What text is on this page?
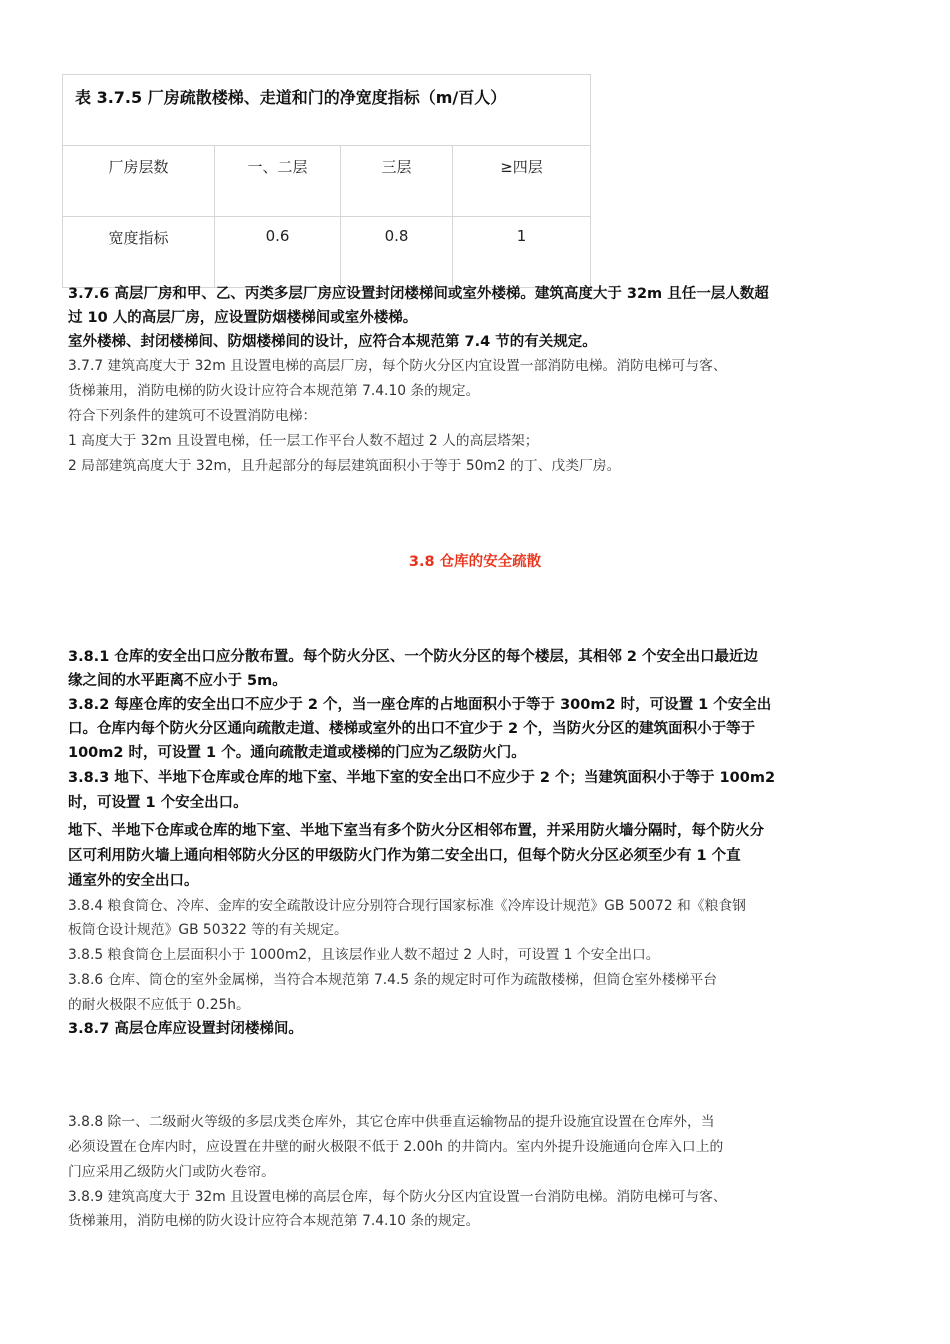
表 3.7.5 厂房疏散楼梯、走道和门的净宽度指标（m/百人）			
厂房层数	一、二层	三层	≥四层
宽度指标	0.6	0.8	1

3.7.6 高层厂房和甲、乙、丙类多层厂房应设置封闭楼梯间或室外楼梯。建筑高度大于 32m 且任一层人数超

过 10 人的高层厂房，应设置防烟楼梯间或室外楼梯。

室外楼梯、封闭楼梯间、防烟楼梯间的设计，应符合本规范第 7.4 节的有关规定。

3.7.7 建筑高度大于 32m 且设置电梯的高层厂房，每个防火分区内宜设置一部消防电梯。消防电梯可与客、

货梯兼用，消防电梯的防火设计应符合本规范第 7.4.10 条的规定。

符合下列条件的建筑可不设置消防电梯：

1 高度大于 32m 且设置电梯，任一层工作平台人数不超过 2 人的高层塔架；

2 局部建筑高度大于 32m，且升起部分的每层建筑面积小于等于 50m2 的丁、戊类厂房。

3.8 仓库的安全疏散

3.8.1 仓库的安全出口应分散布置。每个防火分区、一个防火分区的每个楼层，其相邻 2 个安全出口最近边

缘之间的水平距离不应小于 5m。

3.8.2 每座仓库的安全出口不应少于 2 个，当一座仓库的占地面积小于等于 300m2 时，可设置 1 个安全出

口。仓库内每个防火分区通向疏散走道、楼梯或室外的出口不宜少于 2 个，当防火分区的建筑面积小于等于

100m2 时，可设置 1 个。通向疏散走道或楼梯的门应为乙级防火门。

3.8.3 地下、半地下仓库或仓库的地下室、半地下室的安全出口不应少于 2 个；当建筑面积小于等于 100m2

时，可设置 1 个安全出口。

地下、半地下仓库或仓库的地下室、半地下室当有多个防火分区相邻布置，并采用防火墙分隔时，每个防火分

区可利用防火墙上通向相邻防火分区的甲级防火门作为第二安全出口，但每个防火分区必须至少有 1 个直

通室外的安全出口。

3.8.4 粮食筒仓、冷库、金库的安全疏散设计应分别符合现行国家标准《冷库设计规范》GB 50072 和《粮食钢

板筒仓设计规范》GB 50322 等的有关规定。

3.8.5 粮食筒仓上层面积小于 1000m2，且该层作业人数不超过 2 人时，可设置 1 个安全出口。

3.8.6 仓库、筒仓的室外金属梯，当符合本规范第 7.4.5 条的规定时可作为疏散楼梯，但筒仓室外楼梯平台

的耐火极限不应低于 0.25h。

3.8.7 高层仓库应设置封闭楼梯间。

3.8.8 除一、二级耐火等级的多层戊类仓库外，其它仓库中供垂直运输物品的提升设施宜设置在仓库外，当

必须设置在仓库内时，应设置在井壁的耐火极限不低于 2.00h 的井筒内。室内外提升设施通向仓库入口上的

门应采用乙级防火门或防火卷帘。

3.8.9 建筑高度大于 32m 且设置电梯的高层仓库，每个防火分区内宜设置一台消防电梯。消防电梯可与客、

货梯兼用，消防电梯的防火设计应符合本规范第 7.4.10 条的规定。
